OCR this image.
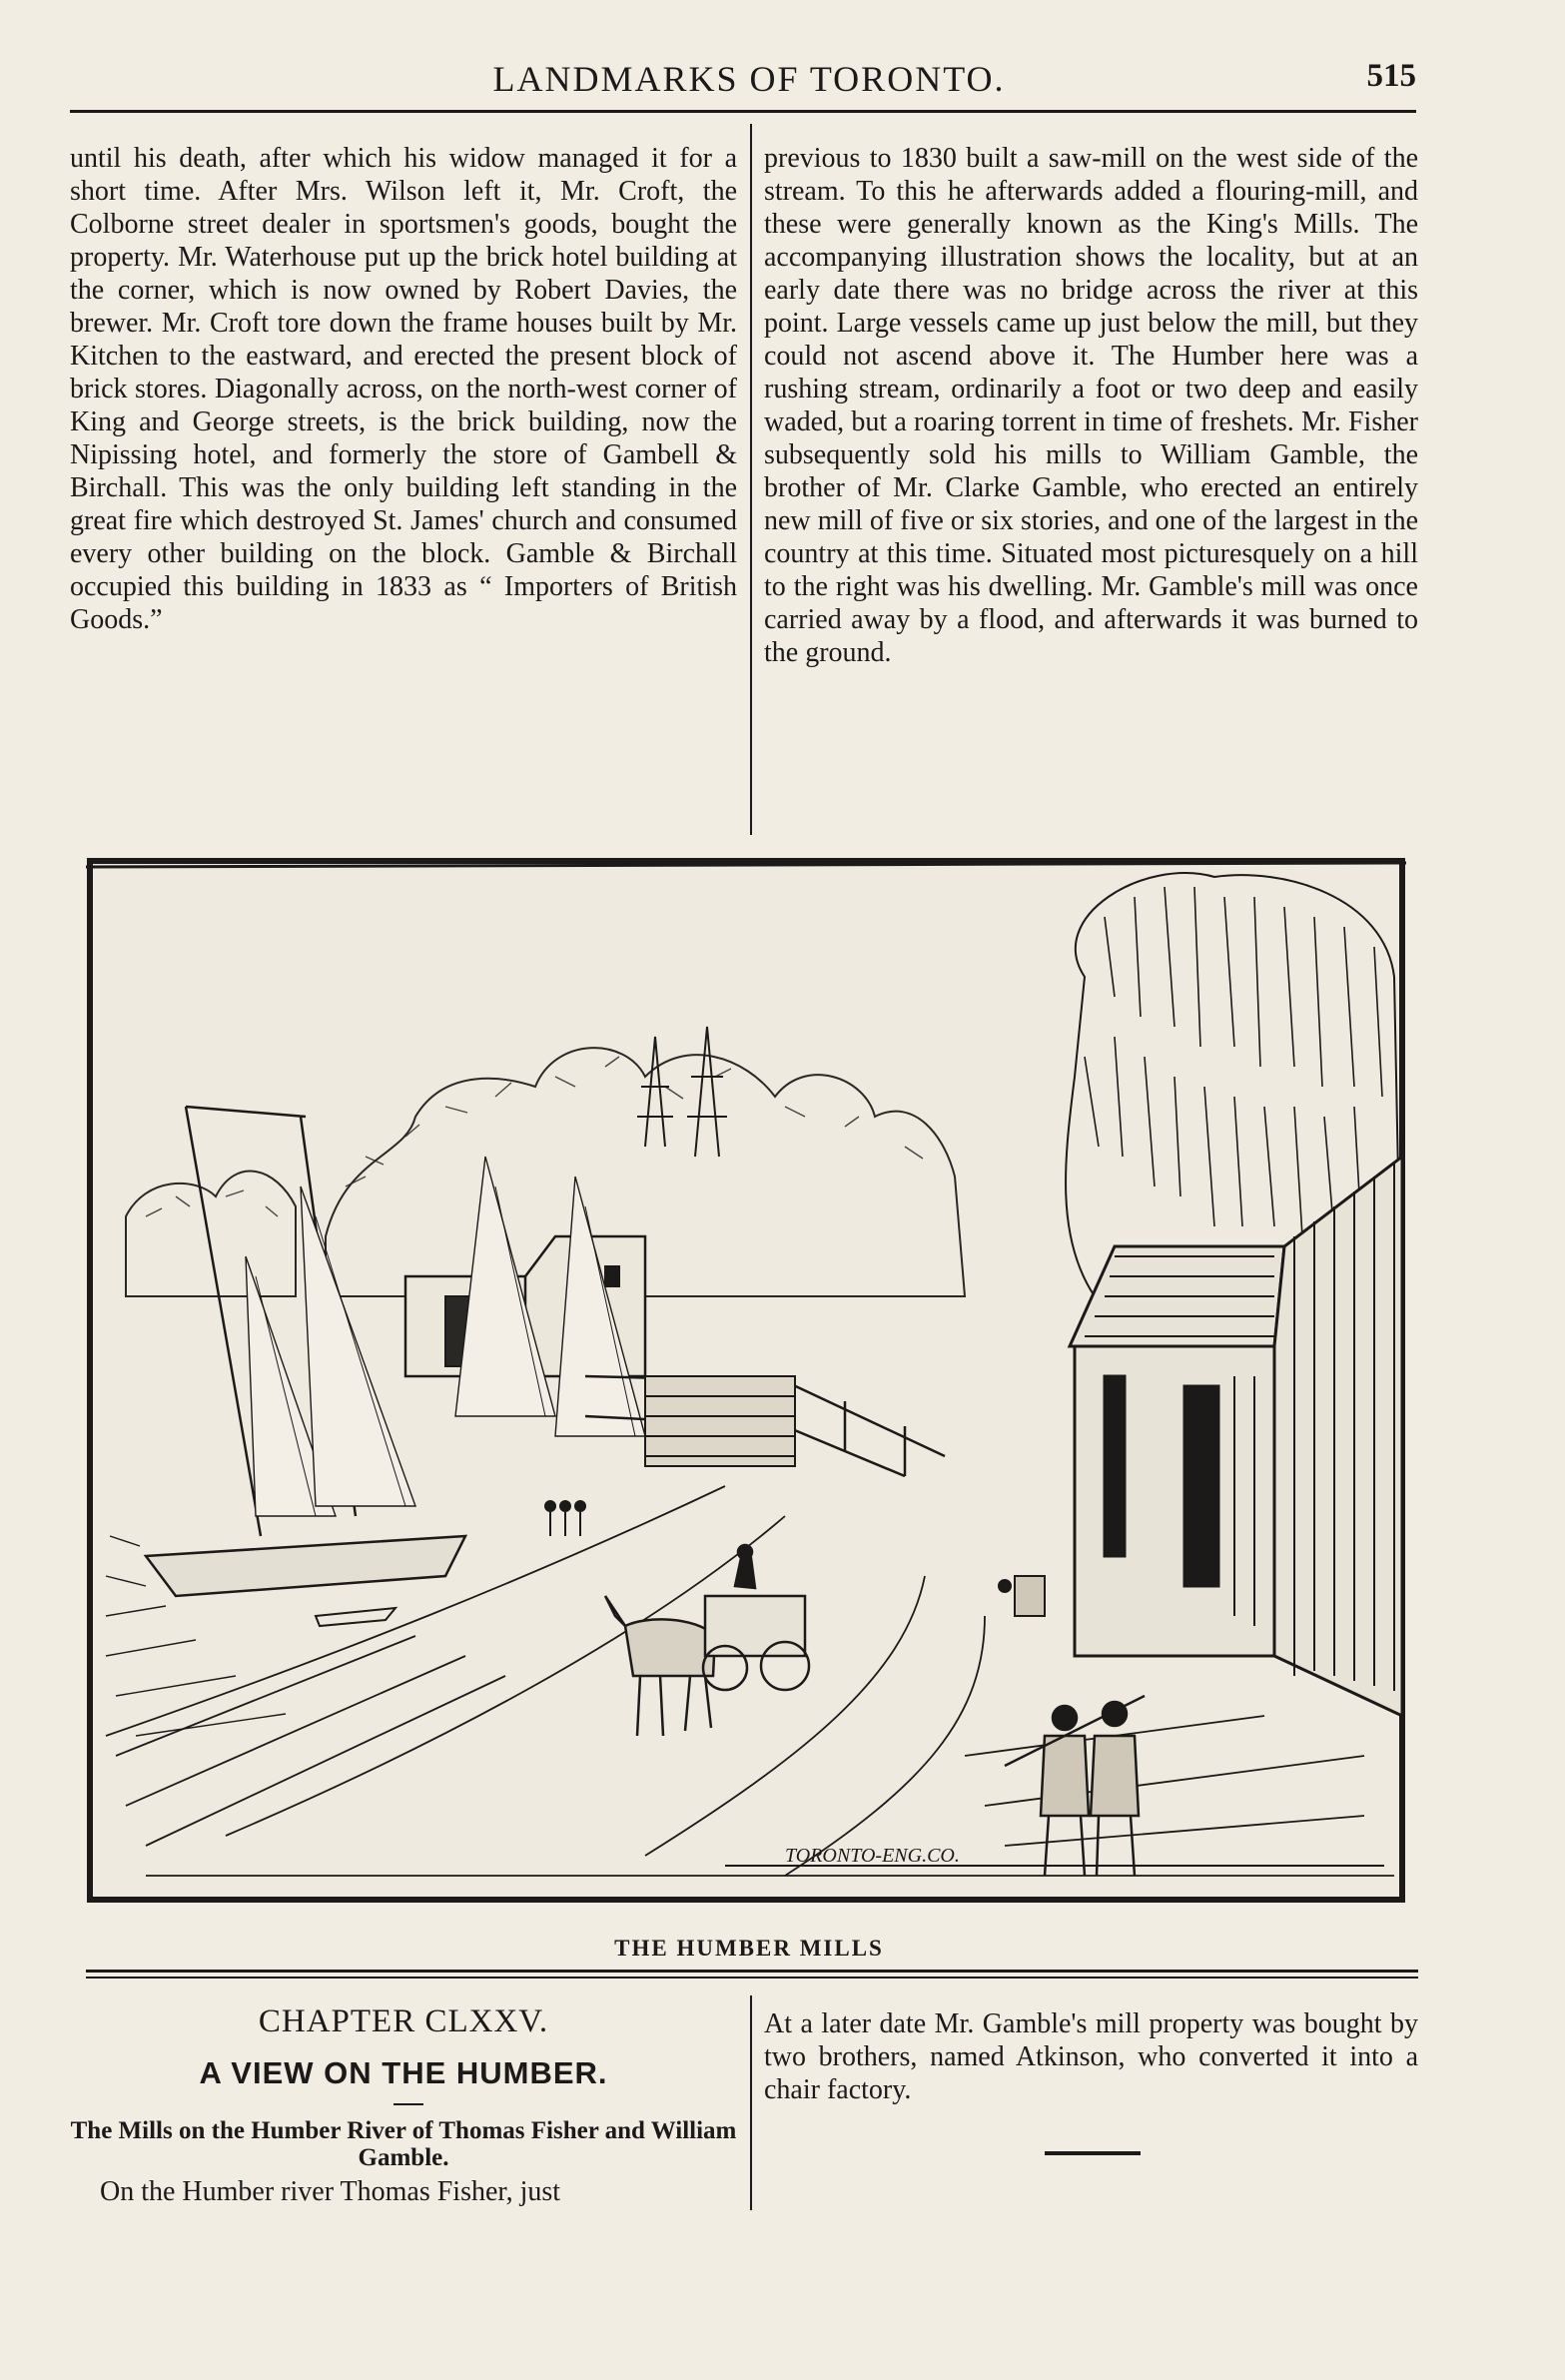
LANDMARKS OF TORONTO.	515
until his death, after which his widow managed it for a short time. After Mrs. Wilson left it, Mr. Croft, the Colborne street dealer in sportsmen's goods, bought the property. Mr. Waterhouse put up the brick hotel building at the corner, which is now owned by Robert Davies, the brewer. Mr. Croft tore down the frame houses built by Mr. Kitchen to the eastward, and erected the present block of brick stores. Diagonally across, on the north-west corner of King and George streets, is the brick building, now the Nipissing hotel, and formerly the store of Gambell & Birchall. This was the only building left standing in the great fire which destroyed St. James' church and consumed every other building on the block. Gamble & Birchall occupied this building in 1833 as “ Importers of British Goods.”
previous to 1830 built a saw-mill on the west side of the stream. To this he afterwards added a flouring-mill, and these were generally known as the King's Mills. The accompanying illustration shows the locality, but at an early date there was no bridge across the river at this point. Large vessels came up just below the mill, but they could not ascend above it. The Humber here was a rushing stream, ordinarily a foot or two deep and easily waded, but a roaring torrent in time of freshets. Mr. Fisher subsequently sold his mills to William Gamble, the brother of Mr. Clarke Gamble, who erected an entirely new mill of five or six stories, and one of the largest in the country at this time. Situated most picturesquely on a hill to the right was his dwelling. Mr. Gamble's mill was once carried away by a flood, and afterwards it was burned to the ground.
TORONTO-ENG.CO.
THE HUMBER MILLS
CHAPTER CLXXV.
A VIEW ON THE HUMBER.
The Mills on the Humber River of Thomas Fisher and William Gamble.
On the Humber river Thomas Fisher, just
At a later date Mr. Gamble's mill property was bought by two brothers, named Atkinson, who converted it into a chair factory.
